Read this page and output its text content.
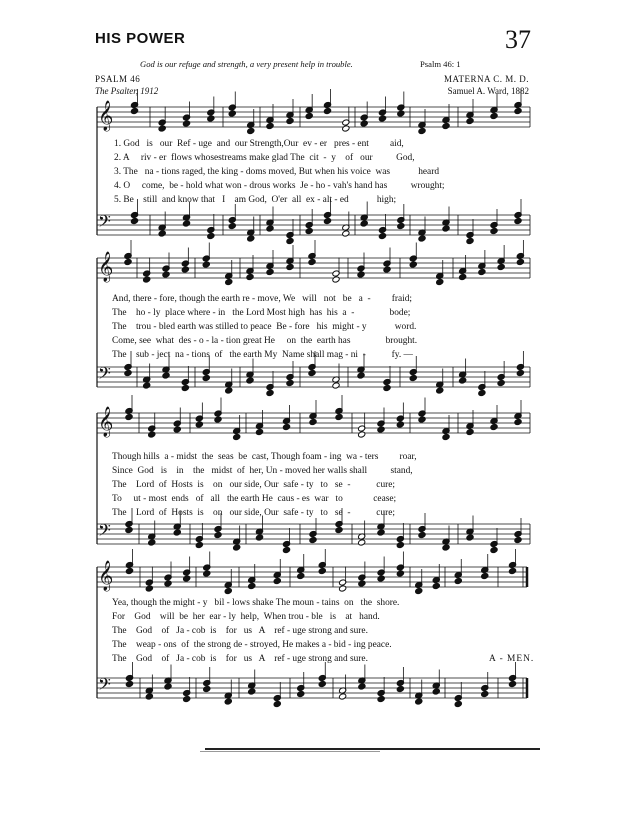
HIS POWER	37
God is our refuge and strength, a very present help in trouble.	Psalm 46: 1
PSALM 46
The Psalter, 1912
MATERNA C. M. D.
Samuel A. Ward, 1882
𝄞
𝄢
𝄞
𝄢
𝄞
𝄢
𝄞
𝄢
1. God   is   our  Ref - uge  and  our Strength,Our  ev - er   pres - ent         aid,
2. A     riv - er  flows whosestreams make glad The  cit  -  y    of   our          God,
3. The   na - tions raged, the king - doms moved, But when his voice  was            heard
4. O     come,  be - hold what won - drous works  Je - ho - vah's hand has          wrought;
5. Be    still  and know that   I    am God,  O'er  all  ex - alt - ed            high;
And, there - fore, though the earth re - move, We   will   not   be   a  -         fraid;
The    ho - ly  place where - in   the Lord Most high  has  his  a  -               bode;
The    trou - bled earth was stilled to peace  Be - fore   his  might - y            word.
Come, see  what  des - o - la - tion great He     on  the  earth has               brought.
The    sub - ject  na - tions  of   the earth My  Name shall mag - ni  -           fy. —
Though hills  a - midst  the  seas  be  cast, Though foam - ing  wa - ters         roar,
Since  God   is    in    the   midst  of  her, Un - moved her walls shall          stand,
The    Lord  of  Hosts  is    on   our side, Our  safe - ty   to   se  -           cure;
To     ut - most  ends   of   all   the earth He  caus - es  war   to             cease;
The    Lord  of  Hosts  is    on   our side, Our  safe - ty   to   se  -           cure;
Yea, though the might - y   bil - lows shake The moun - tains  on   the  shore.
For    God    will  be  her  ear - ly  help,  When trou - ble   is    at   hand.
The    God    of   Ja - cob  is    for   us   A    ref - uge strong and sure.
The    weap - ons  of  the strong de - stroyed, He makes a - bid - ing peace.
The    God    of   Ja - cob  is    for   us   A    ref - uge strong and sure.	A - MEN.
